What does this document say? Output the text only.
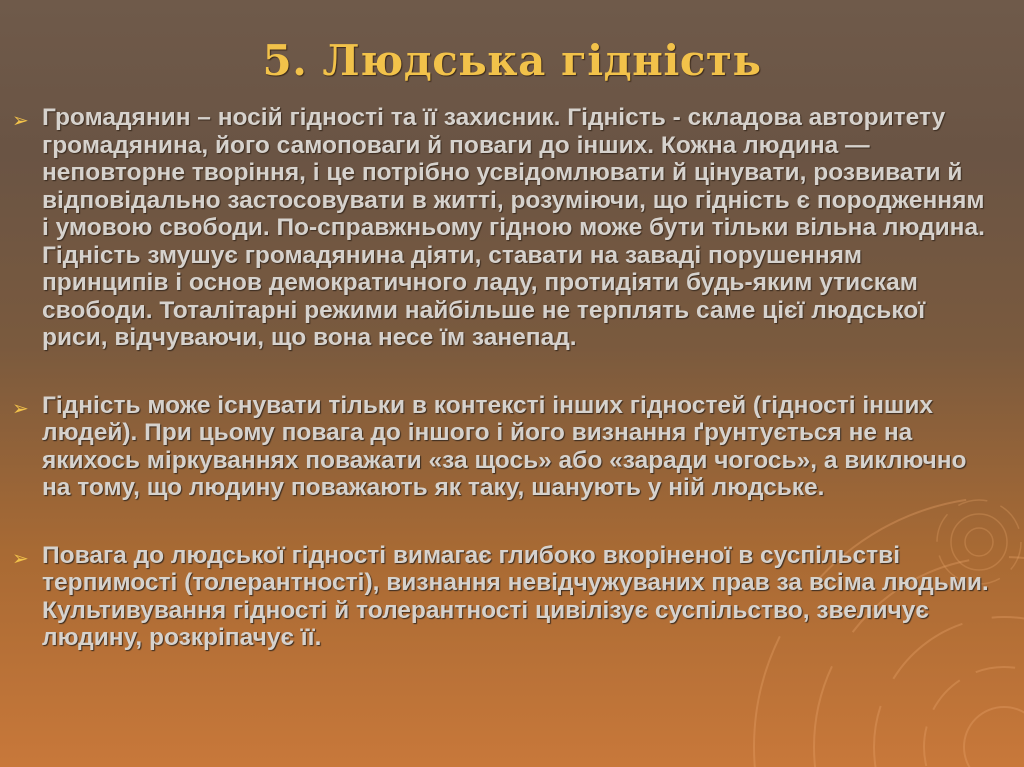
5. Людська гідність
➢ Громадянин – носій гідності та її захисник. Гідність - складова авторитету громадянина, його самоповаги й поваги до інших. Кожна людина — неповторне творіння, і це потрібно усвідомлювати й цінувати, розвивати й відповідально застосовувати в житті, розуміючи, що гідність є породженням і умовою свободи. По-справжньому гідною може бути тільки вільна людина. Гідність змушує громадянина діяти, ставати на заваді порушенням принципів і основ демократичного ладу, протидіяти будь-яким утискам свободи. Тоталітарні режими найбільше не терплять саме цієї людської риси, відчуваючи, що вона несе їм занепад.

➢ Гідність може існувати тільки в контексті інших гідностей (гідності інших людей). При цьому повага до іншого і його визнання ґрунтується не на якихось міркуваннях поважати «за щось» або «заради чогось», а виключно на тому, що людину поважають як таку, шанують у ній людське.

➢ Повага до людської гідності вимагає глибоко вкоріненої в суспільстві терпимості (толерантності), визнання невідчужуваних прав за всіма людьми. Культивування гідності й толерантності цивілізує суспільство, звеличує людину, розкріпачує її.
